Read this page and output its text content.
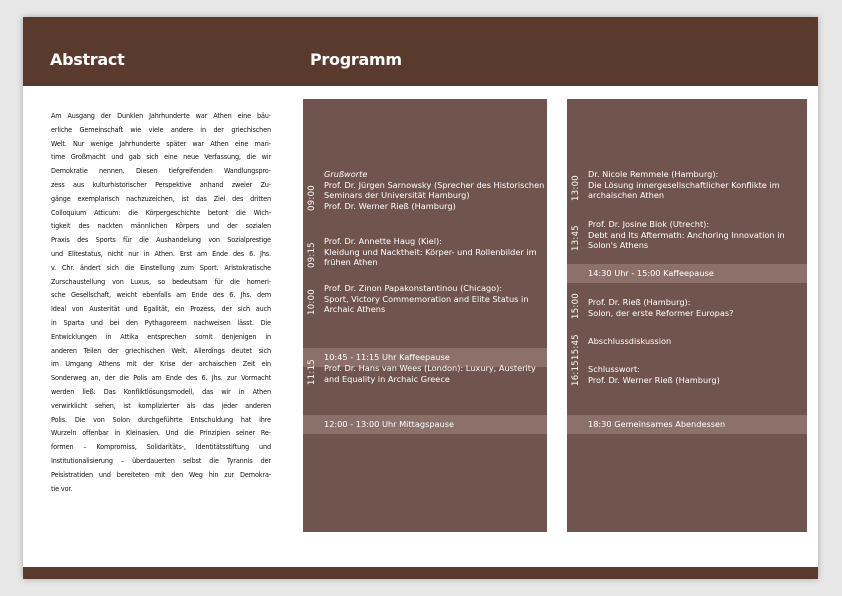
Abstract	Programm
Am Ausgang der Dunklen Jahrhunderte war Athen eine bäu-
erliche Gemeinschaft wie viele andere in der griechischen
Welt. Nur wenige Jahrhunderte später war Athen eine mari-
time Großmacht und gab sich eine neue Verfassung, die wir
Demokratie nennen. Diesen tiefgreifenden Wandlungspro-
zess aus kulturhistorischer Perspektive anhand zweier Zu-
gänge exemplarisch nachzuzeichen, ist das Ziel des dritten
Colloquium Atticum: die Körpergeschichte betont die Wich-
tigkeit des nackten männlichen Körpers und der sozialen
Praxis des Sports für die Aushandelung von Sozialprestige
und Elitestatus, nicht nur in Athen. Erst am Ende des 6. Jhs.
v. Chr. ändert sich die Einstellung zum Sport. Aristokratische
Zurschaustellung von Luxus, so bedeutsam für die homeri-
sche Gesellschaft, weicht ebenfalls am Ende des 6. Jhs. dem
Ideal von Austerität und Egalität, ein Prozess, der sich auch
in Sparta und bei den Pythagoreern nachweisen lässt. Die
Entwicklungen in Attika entsprechen somit denjenigen in
anderen Teilen der griechischen Welt. Allerdings deutet sich
im Umgang Athens mit der Krise der archaischen Zeit ein
Sonderweg an, der die Polis am Ende des 6. Jhs. zur Vormacht
werden ließ: Das Konfliktlösungsmodell, das wir in Athen
verwirklicht sehen, ist komplizierter als das jeder anderen
Polis. Die von Solon durchgeführte Entschuldung hat ihre
Wurzeln offenbar in Kleinasien. Und die Prinzipien seiner Re-
formen – Kompromiss, Solidaritäts-, Identitätsstiftung und
Institutionalisierung – überdauerten selbst die Tyrannis der
Peisistratiden und bereiteten mit den Weg hin zur Demokra-
tie vor.
09:00
Grußworte
Prof. Dr. Jürgen Sarnowsky (Sprecher des Historischen
Seminars der Universität Hamburg)
Prof. Dr. Werner Rieß (Hamburg)
09:15
Prof. Dr. Annette Haug (Kiel):
Kleidung und Nacktheit: Körper- und Rollenbilder im
frühen Athen
10:00
Prof. Dr. Zinon Papakonstantinou (Chicago):
Sport, Victory Commemoration and Elite Status in
Archaic Athens
10:45 - 11:15 Uhr Kaffeepause
11:15 Prof. Dr. Hans van Wees (London): Luxury, Austerity
and Equality in Archaic Greece
12:00 - 13:00 Uhr Mittagspause
13:00
Dr. Nicole Remmele (Hamburg):
Die Lösung innergesellschaftlicher Konflikte im
archaischen Athen
13:45
Prof. Dr. Josine Blok (Utrecht):
Debt and Its Aftermath: Anchoring Innovation in
Solon's Athens
14:30 Uhr - 15:00 Kaffeepause
15:00 Prof. Dr. Rieß (Hamburg):
Solon, der erste Reformer Europas?
15:45 Abschlussdiskussion
16:15 Schlusswort:
Prof. Dr. Werner Rieß (Hamburg)
18:30 Gemeinsames Abendessen
